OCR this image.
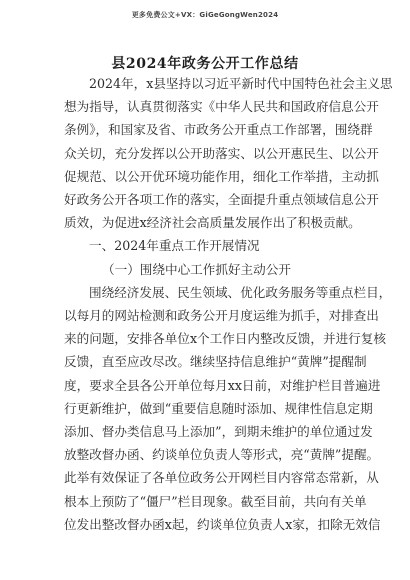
更多免费公文+VX：GiGeGongWen2024
县2024年政务公开工作总结

2024年，x县坚持以习近平新时代中国特色社会主义思
想为指导，认真贯彻落实《中华人民共和国政府信息公开
条例》，和国家及省、市政务公开重点工作部署，围绕群
众关切，充分发挥以公开助落实、以公开惠民生、以公开
促规范、以公开优环境功能作用，细化工作举措，主动抓
好政务公开各项工作的落实，全面提升重点领域信息公开
质效，为促进x经济社会高质量发展作出了积极贡献。

一、2024年重点工作开展情况

（一）围绕中心工作抓好主动公开

围绕经济发展、民生领域、优化政务服务等重点栏目，
以每月的网站检测和政务公开月度运维为抓手，对排查出
来的问题，安排各单位x个工作日内整改反馈，并进行复核
反馈，直至应改尽改。继续坚持信息维护“黄牌”提醒制
度，要求全县各公开单位每月xx日前，对维护栏目普遍进
行更新维护，做到“重要信息随时添加、规律性信息定期
添加、督办类信息马上添加”，到期未维护的单位通过发
放整改督办函、约谈单位负责人等形式，亮“黄牌”提醒。
此举有效保证了各单位政务公开网栏目内容常态常新，从
根本上预防了“僵尸”栏目现象。截至目前，共向有关单
位发出整改督办函x起，约谈单位负责人x家，扣除无效信
